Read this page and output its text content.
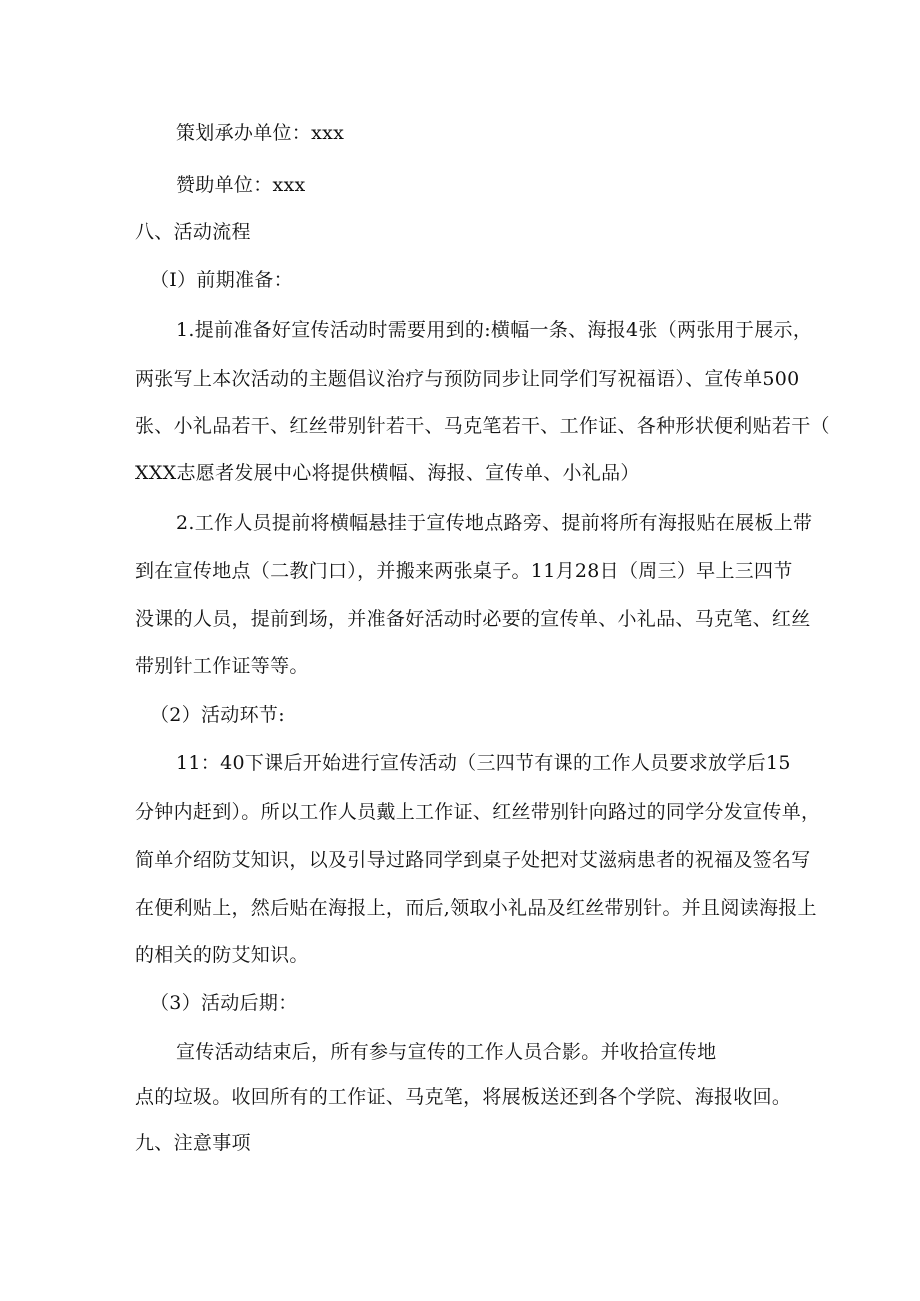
策划承办单位：xxx
赞助单位：xxx
八、活动流程
（I）前期准备：
1.提前准备好宣传活动时需要用到的:横幅一条、海报4张（两张用于展示，
两张写上本次活动的主题倡议治疗与预防同步让同学们写祝福语）、宣传单500
张、小礼品若干、红丝带别针若干、马克笔若干、工作证、各种形状便利贴若干（
XXX志愿者发展中心将提供横幅、海报、宣传单、小礼品）
2.工作人员提前将横幅悬挂于宣传地点路旁、提前将所有海报贴在展板上带
到在宣传地点（二教门口），并搬来两张桌子。11月28日（周三）早上三四节
没课的人员，提前到场，并准备好活动时必要的宣传单、小礼品、马克笔、红丝
带别针工作证等等。
（2）活动环节:
11：40下课后开始进行宣传活动（三四节有课的工作人员要求放学后15
分钟内赶到）。所以工作人员戴上工作证、红丝带别针向路过的同学分发宣传单，
简单介绍防艾知识，以及引导过路同学到桌子处把对艾滋病患者的祝福及签名写
在便利贴上，然后贴在海报上，而后,领取小礼品及红丝带别针。并且阅读海报上
的相关的防艾知识。
（3）活动后期：
宣传活动结束后，所有参与宣传的工作人员合影。并收拾宣传地
点的垃圾。收回所有的工作证、马克笔，将展板送还到各个学院、海报收回。
九、注意事项
